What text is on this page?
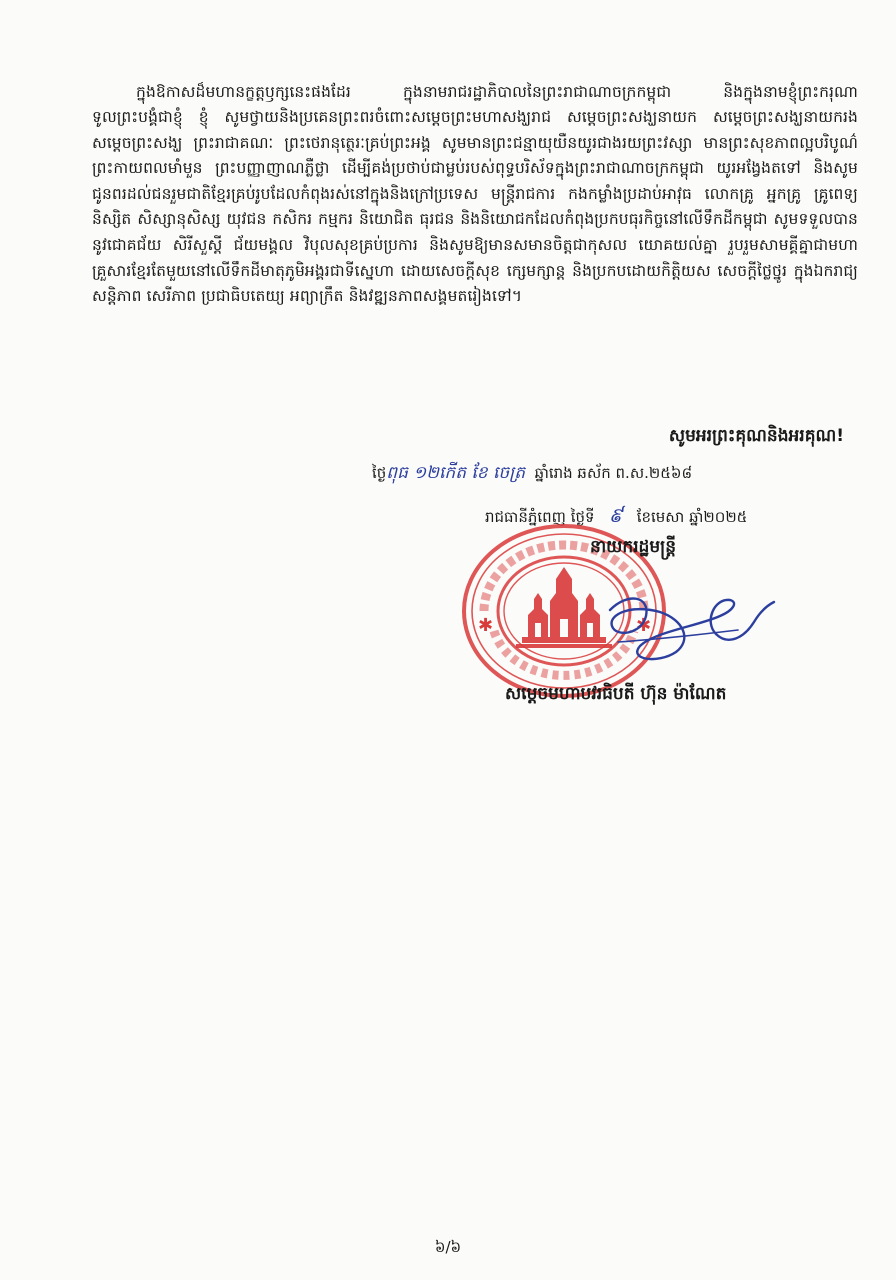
ក្នុងឱកាសដ៏មហានក្ខត្តឫក្សនេះផងដែរ ក្នុងនាមរាជរដ្ឋាភិបាលនៃព្រះរាជាណាចក្រកម្ពុជា និងក្នុងនាមខ្ញុំព្រះករុណា ទូលព្រះបង្គំជាខ្ញុំ ខ្ញុំ សូមថ្វាយនិងប្រគេនព្រះពរចំពោះសម្ដេចព្រះមហាសង្ឃរាជ សម្ដេចព្រះសង្ឃនាយក សម្ដេចព្រះសង្ឃនាយករង សម្ដេចព្រះសង្ឃ ព្រះរាជាគណៈ ព្រះថេរានុត្ថេរៈគ្រប់ព្រះអង្គ សូមមានព្រះជន្មាយុយឺនយូរជាងរយព្រះវស្សា មានព្រះសុខភាពល្អបរិបូណ៌ ព្រះកាយពលមាំមួន ព្រះបញ្ញាញាណភ្លឺថ្លា ដើម្បីគង់ប្រថាប់ជាម្លប់របស់ពុទ្ធបរិស័ទក្នុងព្រះរាជាណាចក្រកម្ពុជា យូរអង្វែងតទៅ និងសូមជូនពរដល់ជនរួមជាតិខ្មែរគ្រប់រូបដែលកំពុងរស់នៅក្នុងនិងក្រៅប្រទេស មន្ត្រីរាជការ កងកម្លាំងប្រដាប់អាវុធ លោកគ្រូ អ្នកគ្រូ គ្រូពេទ្យ និស្សិត សិស្សានុសិស្ស យុវជន កសិករ កម្មករ និយោជិត ធុរជន និងនិយោជកដែលកំពុងប្រកបធុរកិច្ចនៅលើទឹកដីកម្ពុជា សូមទទួលបាននូវជោគជ័យ សិរីសួស្ដី ជ័យមង្គល វិបុលសុខគ្រប់ប្រការ និងសូមឱ្យមានសមានចិត្តជាកុសល យោគយល់គ្នា រួបរួមសាមគ្គីគ្នាជាមហាគ្រួសារខ្មែរតែមួយនៅលើទឹកដីមាតុភូមិអង្គរជាទីស្នេហា ដោយសេចក្ដីសុខ ក្សេមក្សាន្ត និងប្រកបដោយកិត្តិយស សេចក្ដីថ្លៃថ្នូរ ក្នុងឯករាជ្យ សន្តិភាព សេរីភាព ប្រជាធិបតេយ្យ អព្យាក្រឹត និងវឌ្ឍនភាពសង្គមតរៀងទៅ។

សូមអរព្រះគុណនិងអរគុណ!
ថ្ងៃពុធ ១២កើត ខែ ចេត្រ ឆ្នាំរោង ឆស័ក ព.ស.២៥៦៨
រាជធានីភ្នំពេញ ថ្ងៃទី ៩ ខែមេសា ឆ្នាំ២០២៥
✱	✱
នាយករដ្ឋមន្ត្រី
សម្ដេចមហាបវរធិបតី ហ៊ុន ម៉ាណែត
៦/៦
